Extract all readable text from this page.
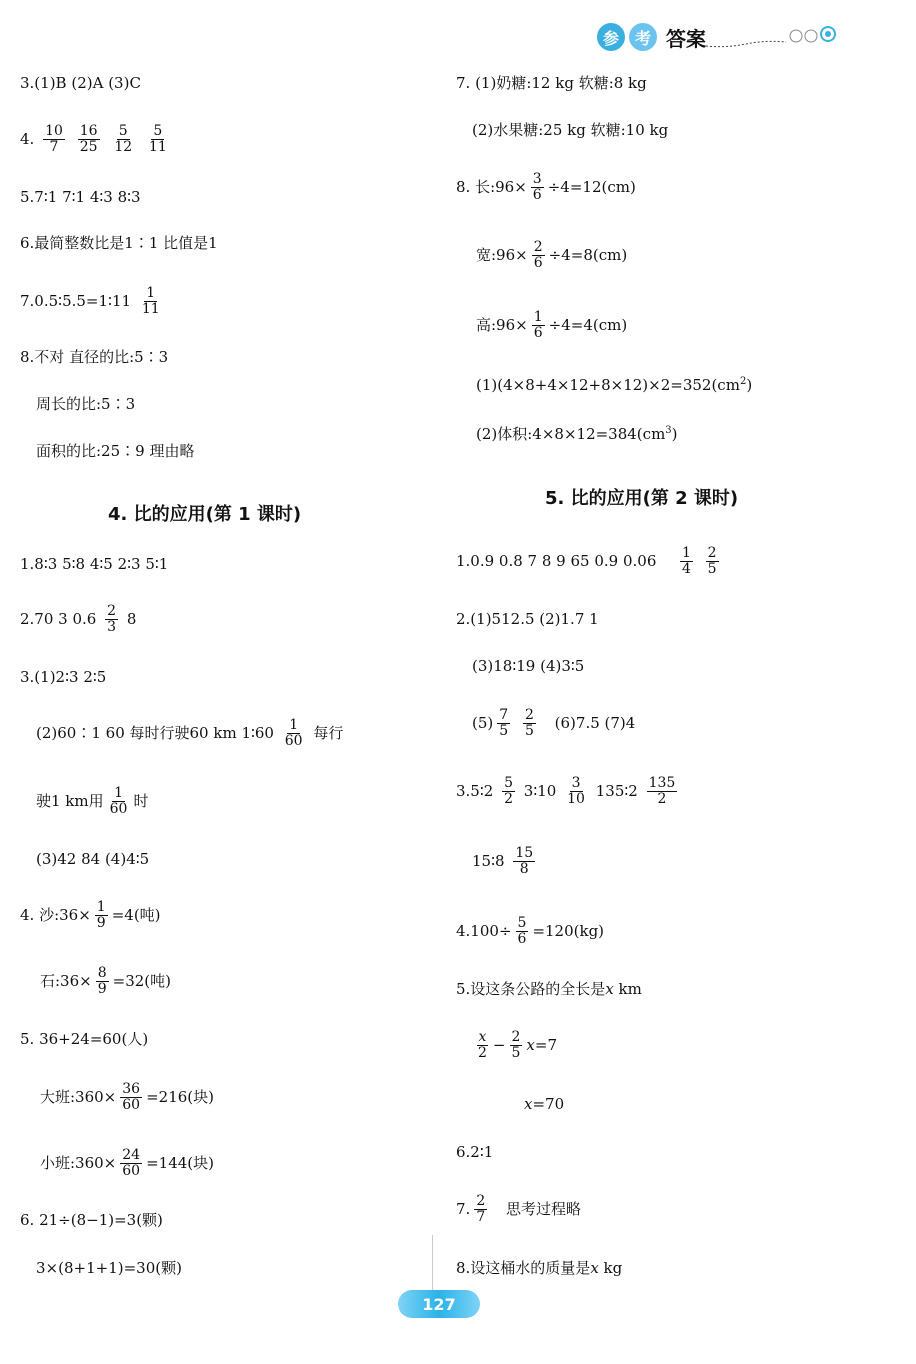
参 考 答案
3.(1)B (2)A (3)C
4. $\frac{10}{7}$
$\frac{16}{25}$
$\frac{5}{12}$
$\frac{5}{11}$
5.7∶1 7∶1 4∶3 8∶3
6.最简整数比是1∶1 比值是1
7.0.5∶5.5=1∶11 $\frac{1}{11}$
8.不对 直径的比:5∶3
周长的比:5∶3
面积的比:25∶9 理由略
4. 比的应用(第 1 课时)
1.8∶3 5∶8 4∶5 2∶3 5∶1
2.70 3 $0.6 \frac{2}{3} 8$
3.(1)2∶3 2∶5
(2)60∶1 60 每时行驶60 km 1∶60 $\frac{1}{60}$ 每行
驶1 km用 $\frac{1}{60}$ 时
(3)42 84 (4)4∶5
4. 沙:36× $\frac{1}{9} =4$(吨)
石:36× $\frac{8}{9} =32$(吨)
5. 36+24=60(人)
大班:360× $\frac{36}{60} =216$(块)
小班:360× $\frac{24}{60} =144$(块)
6. 21÷(8−1)=3(颗)
3×(8+1+1)=30(颗)
7. (1)奶糖:12 kg 软糖:8 kg
(2)水果糖:25 kg 软糖:10 kg
8. 长:96× $\frac{3}{6} \div 4=12(cm)$
宽:96× $\frac{2}{6} \div 4=8(cm)$
高:96× $\frac{1}{6} \div 4=4(cm)$
$(1)(4\times 8+4\times 12+8\times 12)\times 2=352(cm^2)$
(2)体积$:4\times 8\times 12=384(cm^3)$
5. 比的应用(第 2 课时)
1.0.9 0.8 7 8 9 65 0.9 $0.06 \frac{1}{4}$
$\frac{2}{5}$
2.(1)512.5 (2)1.7 1
(3)18∶19 (4)3∶5
$(5) \frac{7}{5}$
$\frac{2}{5} (6)7.5$ (7)4
3.5∶2 $\frac{5}{2}$ 3∶10 $\frac{3}{10}$ 135∶2 $\frac{135}{2}$
15∶8 $\frac{15}{8}$
$4.100\div \frac{5}{6} =120(kg)$
5.设这条公路的全长是x km
$\frac{x}{2} - \frac{2}{5} x=7$
x=70
6.2∶1
7. $\frac{2}{7}$ 思考过程略
8.设这桶水的质量是x kg
127
